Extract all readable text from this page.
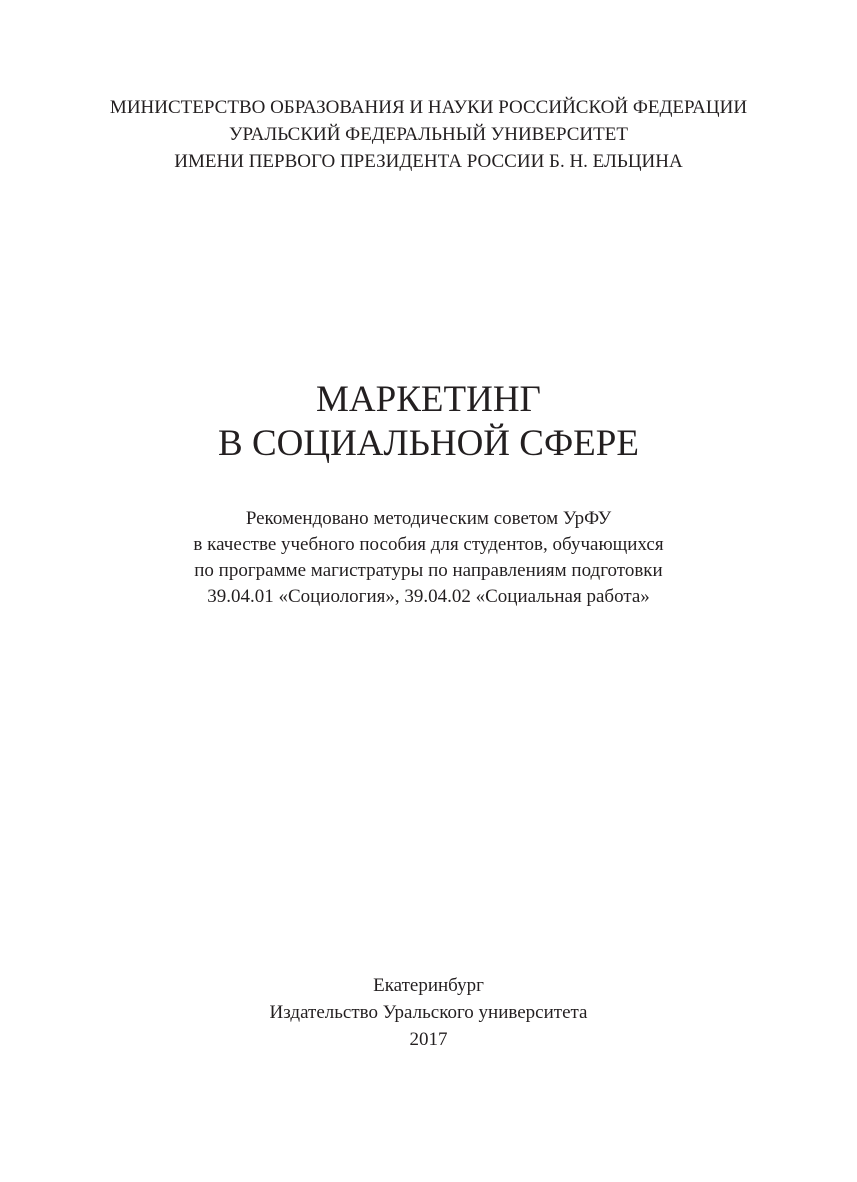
МИНИСТЕРСТВО ОБРАЗОВАНИЯ И НАУКИ РОССИЙСКОЙ ФЕДЕРАЦИИ
УРАЛЬСКИЙ ФЕДЕРАЛЬНЫЙ УНИВЕРСИТЕТ
ИМЕНИ ПЕРВОГО ПРЕЗИДЕНТА РОССИИ Б. Н. ЕЛЬЦИНА
МАРКЕТИНГ
В СОЦИАЛЬНОЙ СФЕРЕ
Рекомендовано методическим советом УрФУ
в качестве учебного пособия для студентов, обучающихся
по программе магистратуры по направлениям подготовки
39.04.01 «Социология», 39.04.02 «Социальная работа»
Екатеринбург
Издательство Уральского университета
2017
